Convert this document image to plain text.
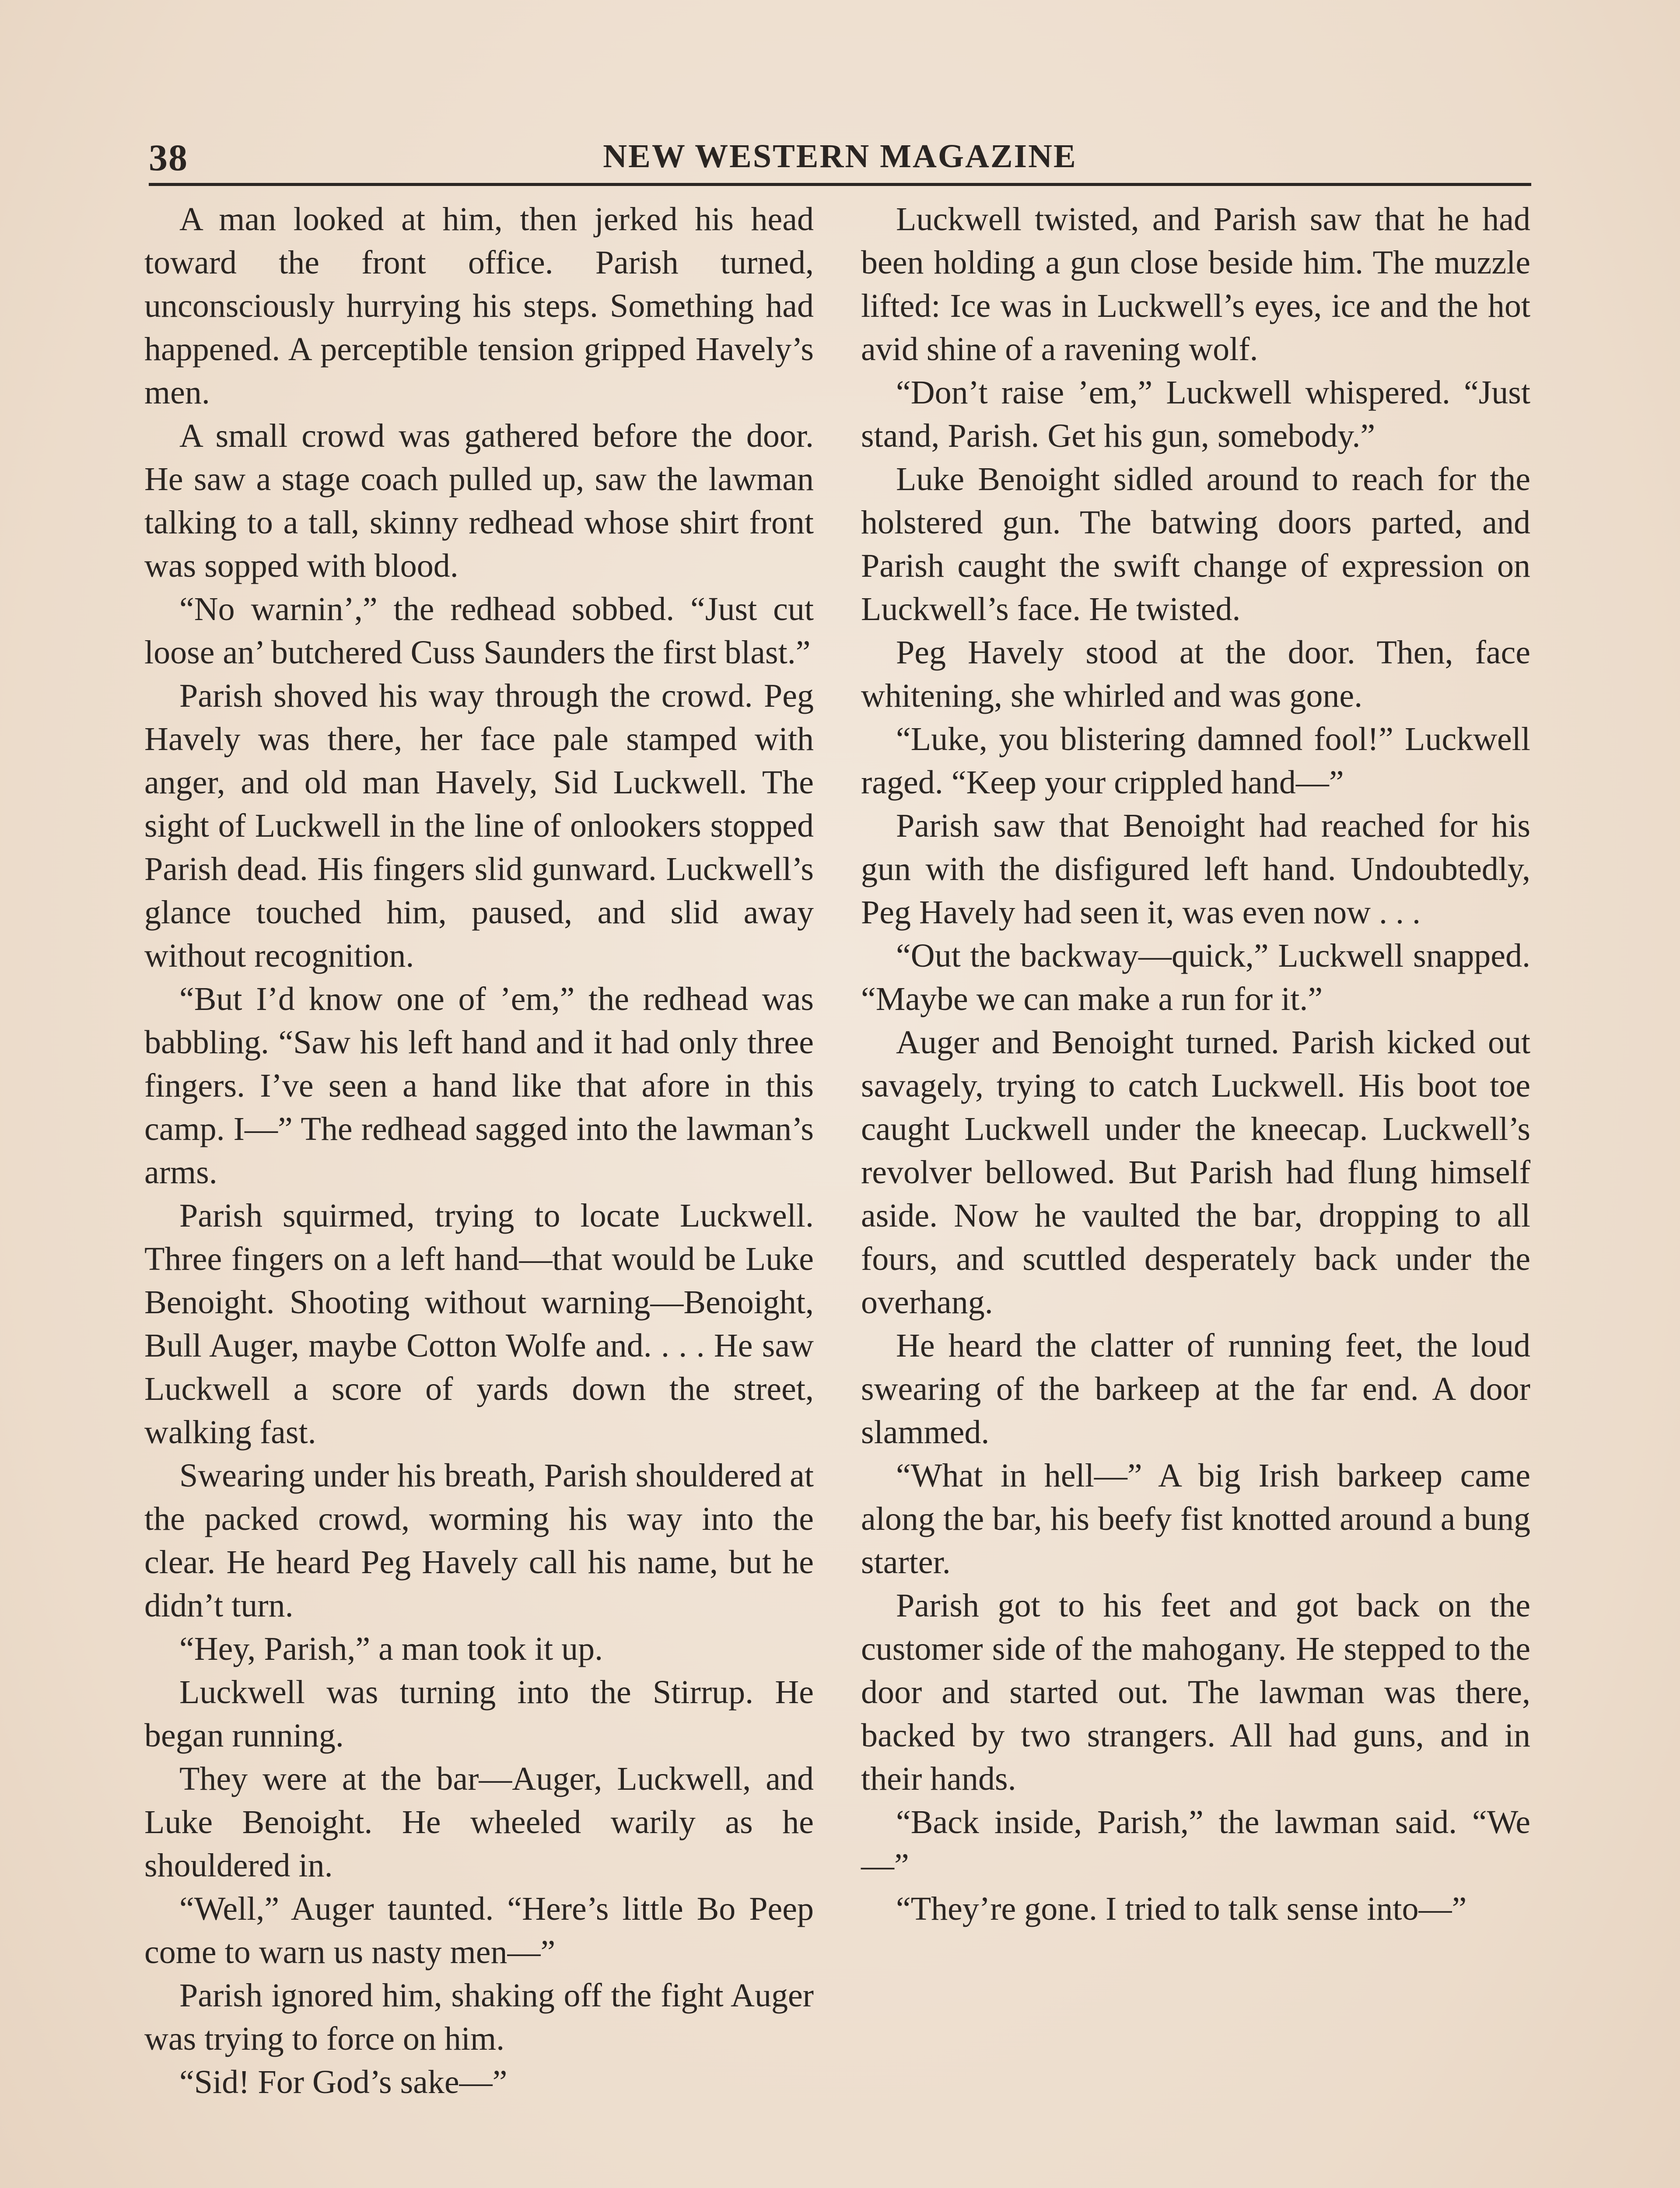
38	NEW WESTERN MAGAZINE

A man looked at him, then jerked his head toward the front office. Parish turned, unconsciously hurrying his steps. Something had happened. A perceptible tension gripped Havely’s men.

A small crowd was gathered before the door. He saw a stage coach pulled up, saw the lawman talking to a tall, skinny redhead whose shirt front was sopped with blood.

“No warnin’,” the redhead sobbed. “Just cut loose an’ butchered Cuss Saunders the first blast.”

Parish shoved his way through the crowd. Peg Havely was there, her face pale stamped with anger, and old man Havely, Sid Luckwell. The sight of Luckwell in the line of onlookers stopped Parish dead. His fingers slid gunward. Luckwell’s glance touched him, paused, and slid away without recognition.

“But I’d know one of ’em,” the redhead was babbling. “Saw his left hand and it had only three fingers. I’ve seen a hand like that afore in this camp. I—” The redhead sagged into the lawman’s arms.

Parish squirmed, trying to locate Luckwell. Three fingers on a left hand—that would be Luke Benoight. Shooting without warning—Benoight, Bull Auger, maybe Cotton Wolfe and. . . . He saw Luckwell a score of yards down the street, walking fast.

Swearing under his breath, Parish shouldered at the packed crowd, worming his way into the clear. He heard Peg Havely call his name, but he didn’t turn.

“Hey, Parish,” a man took it up.

Luckwell was turning into the Stirrup. He began running.

They were at the bar—Auger, Luckwell, and Luke Benoight. He wheeled warily as he shouldered in.

“Well,” Auger taunted. “Here’s little Bo Peep come to warn us nasty men—”

Parish ignored him, shaking off the fight Auger was trying to force on him.

“Sid! For God’s sake—”

Luckwell twisted, and Parish saw that he had been holding a gun close beside him. The muzzle lifted: Ice was in Luckwell’s eyes, ice and the hot avid shine of a ravening wolf.

“Don’t raise ’em,” Luckwell whispered. “Just stand, Parish. Get his gun, somebody.”

Luke Benoight sidled around to reach for the holstered gun. The batwing doors parted, and Parish caught the swift change of expression on Luckwell’s face. He twisted.

Peg Havely stood at the door. Then, face whitening, she whirled and was gone.

“Luke, you blistering damned fool!” Luckwell raged. “Keep your crippled hand—”

Parish saw that Benoight had reached for his gun with the disfigured left hand. Undoubtedly, Peg Havely had seen it, was even now . . .

“Out the backway—quick,” Luckwell snapped. “Maybe we can make a run for it.”

Auger and Benoight turned. Parish kicked out savagely, trying to catch Luckwell. His boot toe caught Luckwell under the kneecap. Luckwell’s revolver bellowed. But Parish had flung himself aside. Now he vaulted the bar, dropping to all fours, and scuttled desperately back under the overhang.

He heard the clatter of running feet, the loud swearing of the barkeep at the far end. A door slammed.

“What in hell—” A big Irish barkeep came along the bar, his beefy fist knotted around a bung starter.

Parish got to his feet and got back on the customer side of the mahogany. He stepped to the door and started out. The lawman was there, backed by two strangers. All had guns, and in their hands.

“Back inside, Parish,” the lawman said. “We—”

“They’re gone. I tried to talk sense into—”
